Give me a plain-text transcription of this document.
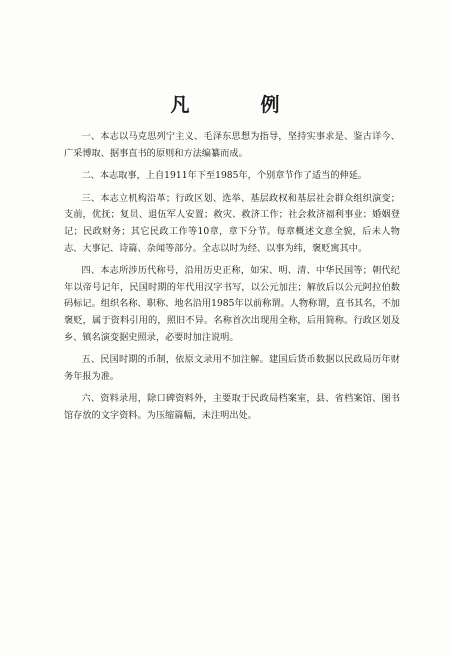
凡　例

一、本志以马克思列宁主义、毛泽东思想为指导，坚持实事求是、鉴古详今、广采博取、据事直书的原则和方法编纂而成。

二、本志取事，上自1911年下至1985年，个别章节作了适当的伸延。

三、本志立机构沿革；行政区划、选举、基层政权和基层社会群众组织演变；支前，优抚；复员、退伍军人安置；救灾、救济工作；社会救济福利事业；婚姻登记；民政财务；其它民政工作等10章，章下分节。每章概述文意全貌，后未人物志、大事记、诗篇、杂闻等部分。全志以时为经、以事为纬，褒贬寓其中。

四、本志所涉历代称号，沿用历史正称，如宋、明、清、中华民国等；朝代纪年以帝号记年，民国时期的年代用汉字书写，以公元加注；解放后以公元阿拉伯数码标记。组织名称、职称、地名沿用1985年以前称谓。人物称谓，直书其名，不加褒贬，属于资料引用的，照旧不异。名称首次出现用全称，后用简称。行政区划及乡、镇名演变据史照录，必要时加注说明。

五、民国时期的币制，依原文录用不加注解。建国后货币数据以民政局历年财务年报为准。

六、资料录用，除口碑资料外，主要取于民政局档案室，县、省档案馆、图书馆存放的文字资料。为压缩篇幅，未注明出处。
